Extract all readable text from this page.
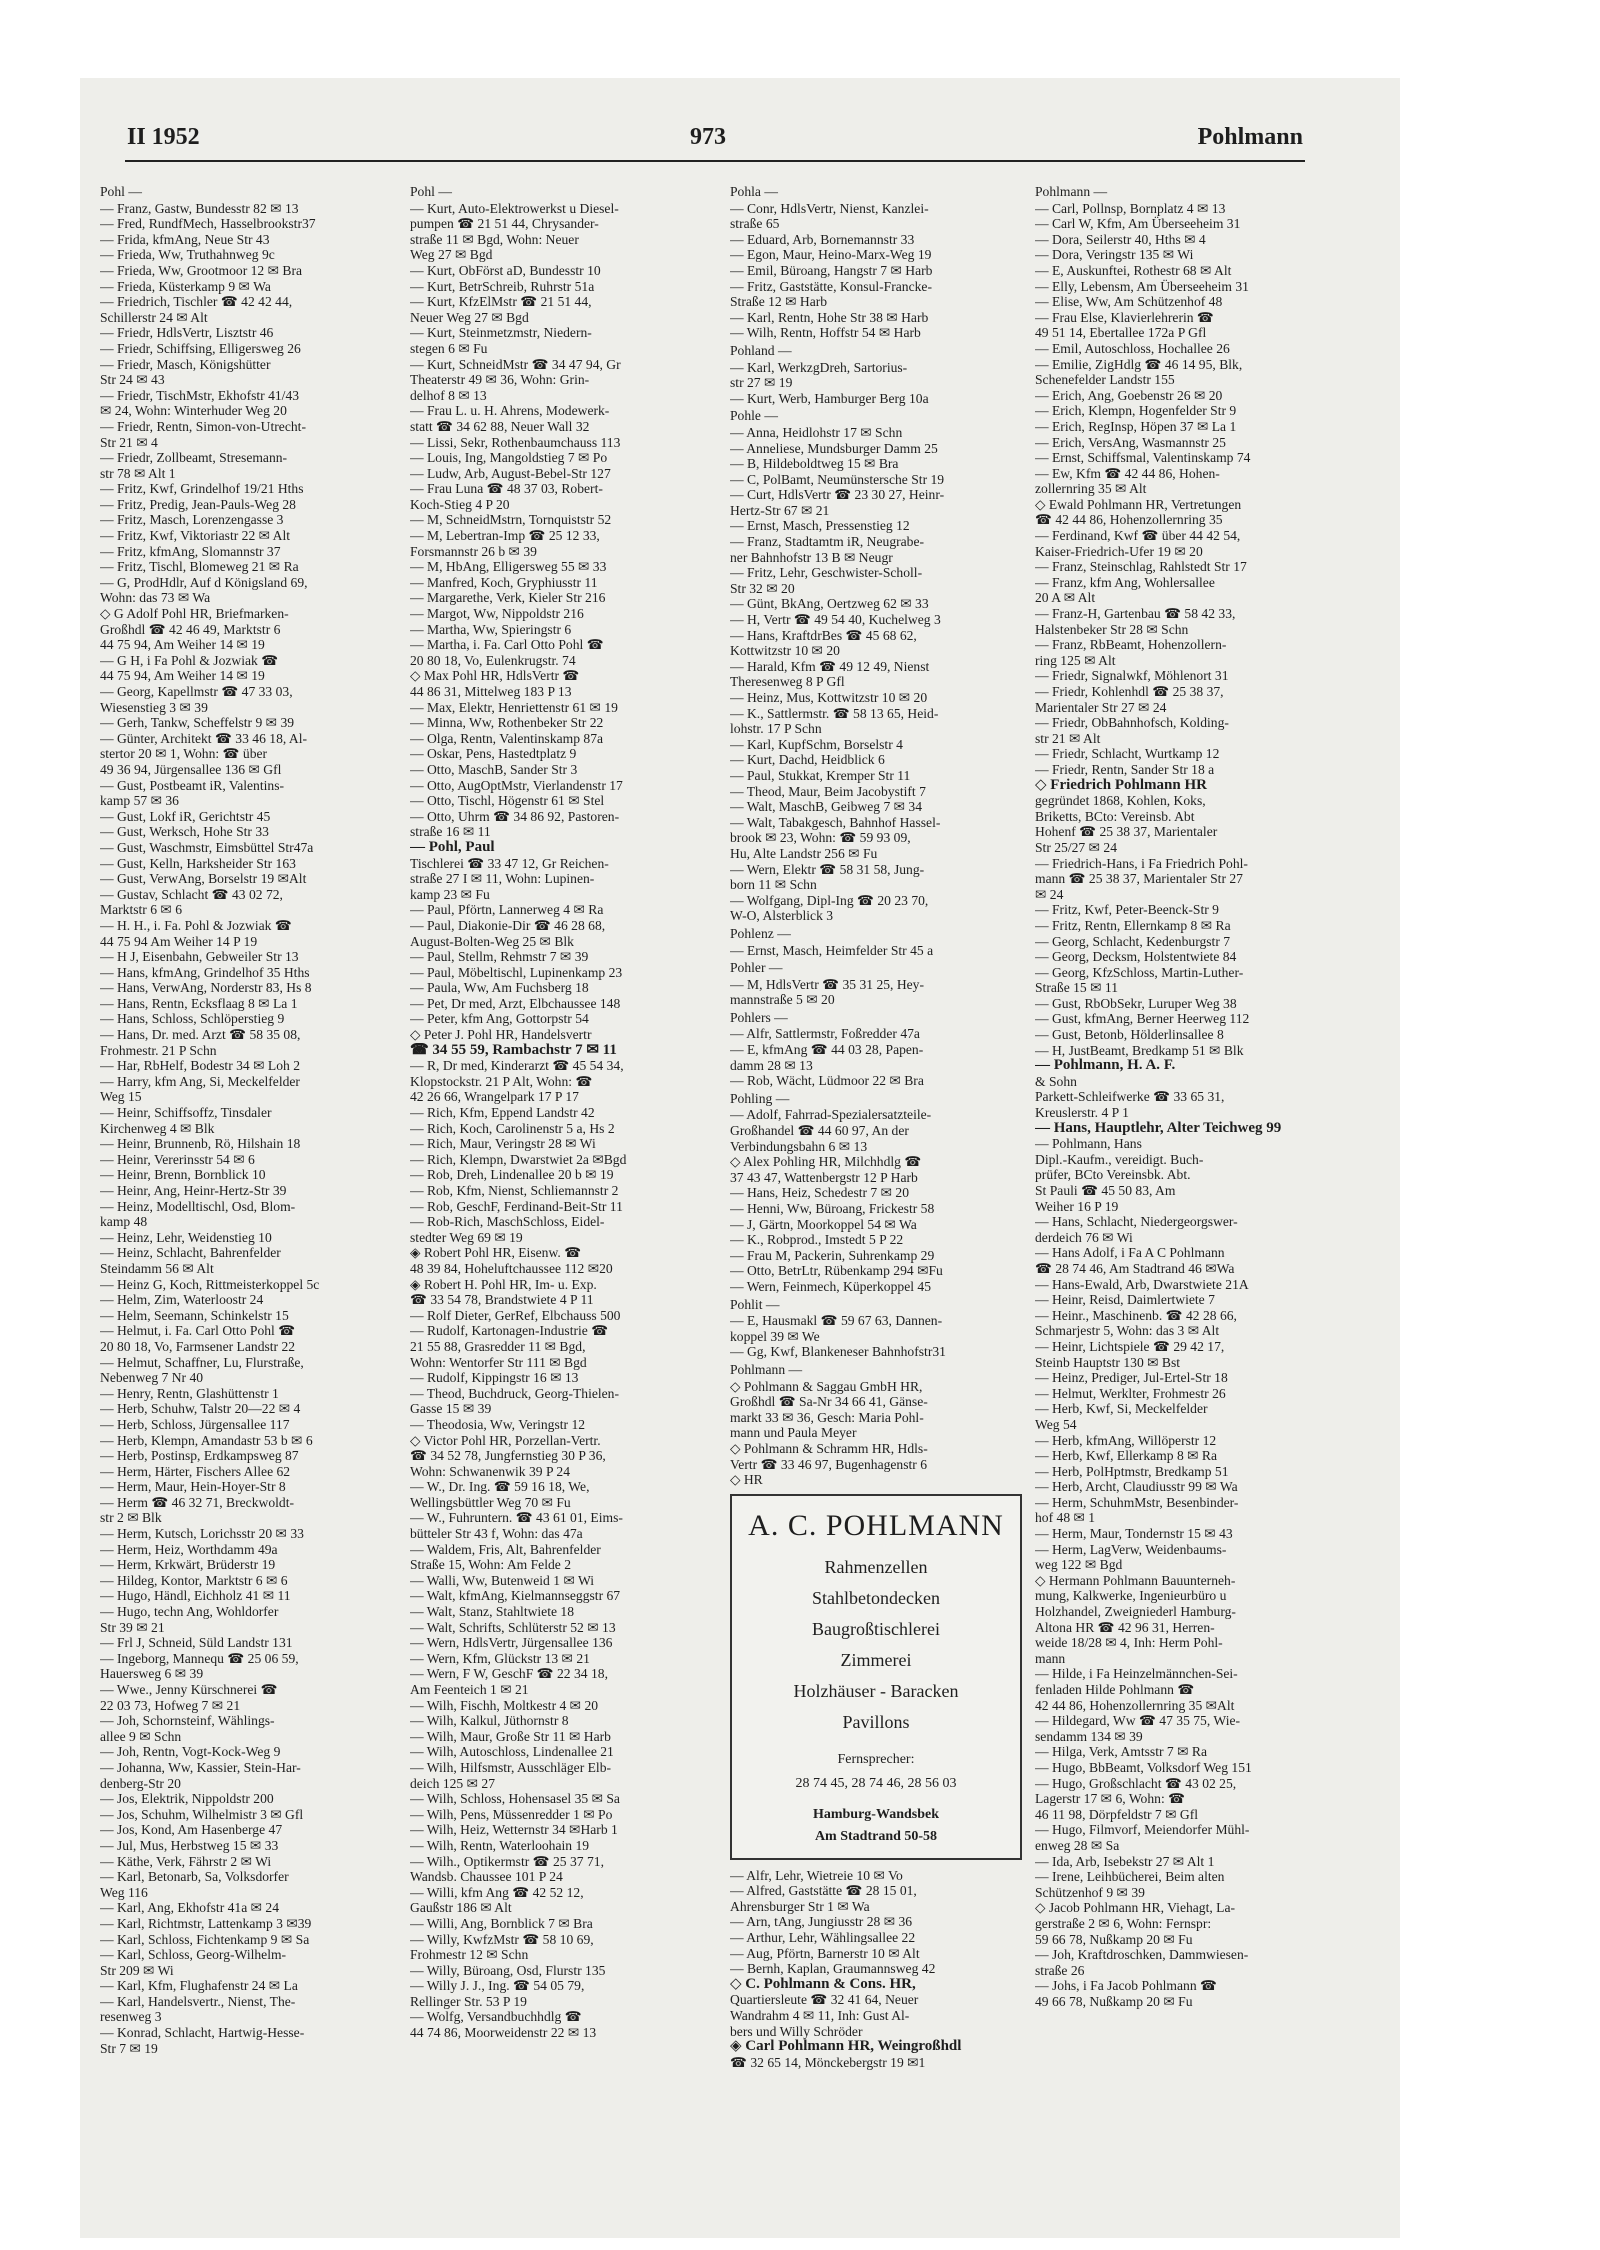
II 1952	973	Pohlmann

Pohl —

— Franz, Gastw, Bundesstr 82 ✉ 13

— Fred, RundfMech, Hasselbrookstr37

— Frida, kfmAng, Neue Str 43

— Frieda, Ww, Truthahnweg 9c

— Frieda, Ww, Grootmoor 12 ✉ Bra

— Frieda, Küsterkamp 9 ✉ Wa

— Friedrich, Tischler ☎ 42 42 44,

Schillerstr 24 ✉ Alt

— Friedr, HdlsVertr, Lisztstr 46

— Friedr, Schiffsing, Elligersweg 26

— Friedr, Masch, Königshütter

Str 24 ✉ 43

— Friedr, TischMstr, Ekhofstr 41/43

✉ 24, Wohn: Winterhuder Weg 20

— Friedr, Rentn, Simon-von-Utrecht-

Str 21 ✉ 4

— Friedr, Zollbeamt, Stresemann-

str 78 ✉ Alt 1

— Fritz, Kwf, Grindelhof 19/21 Hths

— Fritz, Predig, Jean-Pauls-Weg 28

— Fritz, Masch, Lorenzengasse 3

— Fritz, Kwf, Viktoriastr 22 ✉ Alt

— Fritz, kfmAng, Slomannstr 37

— Fritz, Tischl, Blomeweg 21 ✉ Ra

— G, ProdHdlr, Auf d Königsland 69,

Wohn: das 73 ✉ Wa

◇ G Adolf Pohl HR, Briefmarken-

Großhdl ☎ 42 46 49, Marktstr 6

44 75 94, Am Weiher 14 ✉ 19

— G H, i Fa Pohl & Jozwiak ☎

44 75 94, Am Weiher 14 ✉ 19

— Georg, Kapellmstr ☎ 47 33 03,

Wiesenstieg 3 ✉ 39

— Gerh, Tankw, Scheffelstr 9 ✉ 39

— Günter, Architekt ☎ 33 46 18, Al-

stertor 20 ✉ 1, Wohn: ☎ über

49 36 94, Jürgensallee 136 ✉ Gfl

— Gust, Postbeamt iR, Valentins-

kamp 57 ✉ 36

— Gust, Lokf iR, Gerichtstr 45

— Gust, Werksch, Hohe Str 33

— Gust, Waschmstr, Eimsbüttel Str47a

— Gust, Kelln, Harksheider Str 163

— Gust, VerwAng, Borselstr 19 ✉Alt

— Gustav, Schlacht ☎ 43 02 72,

Marktstr 6 ✉ 6

— H. H., i. Fa. Pohl & Jozwiak ☎

44 75 94 Am Weiher 14 P 19

— H J, Eisenbahn, Gebweiler Str 13

— Hans, kfmAng, Grindelhof 35 Hths

— Hans, VerwAng, Norderstr 83, Hs 8

— Hans, Rentn, Ecksflaag 8 ✉ La 1

— Hans, Schloss, Schlöperstieg 9

— Hans, Dr. med. Arzt ☎ 58 35 08,

Frohmestr. 21 P Schn

— Har, RbHelf, Bodestr 34 ✉ Loh 2

— Harry, kfm Ang, Si, Meckelfelder

Weg 15

— Heinr, Schiffsoffz, Tinsdaler

Kirchenweg 4 ✉ Blk

— Heinr, Brunnenb, Rö, Hilshain 18

— Heinr, Vererinsstr 54 ✉ 6

— Heinr, Brenn, Bornblick 10

— Heinr, Ang, Heinr-Hertz-Str 39

— Heinz, Modelltischl, Osd, Blom-

kamp 48

— Heinz, Lehr, Weidenstieg 10

— Heinz, Schlacht, Bahrenfelder

Steindamm 56 ✉ Alt

— Heinz G, Koch, Rittmeisterkoppel 5c

— Helm, Zim, Waterloostr 24

— Helm, Seemann, Schinkelstr 15

— Helmut, i. Fa. Carl Otto Pohl ☎

20 80 18, Vo, Farmsener Landstr 22

— Helmut, Schaffner, Lu, Flurstraße,

Nebenweg 7 Nr 40

— Henry, Rentn, Glashüttenstr 1

— Herb, Schuhw, Talstr 20—22 ✉ 4

— Herb, Schloss, Jürgensallee 117

— Herb, Klempn, Amandastr 53 b ✉ 6

— Herb, Postinsp, Erdkampsweg 87

— Herm, Härter, Fischers Allee 62

— Herm, Maur, Hein-Hoyer-Str 8

— Herm ☎ 46 32 71, Breckwoldt-

str 2 ✉ Blk

— Herm, Kutsch, Lorichsstr 20 ✉ 33

— Herm, Heiz, Worthdamm 49a

— Herm, Krkwärt, Brüderstr 19

— Hildeg, Kontor, Marktstr 6 ✉ 6

— Hugo, Händl, Eichholz 41 ✉ 11

— Hugo, techn Ang, Wohldorfer

Str 39 ✉ 21

— Frl J, Schneid, Süld Landstr 131

— Ingeborg, Mannequ ☎ 25 06 59,

Hauersweg 6 ✉ 39

— Wwe., Jenny Kürschnerei ☎

22 03 73, Hofweg 7 ✉ 21

— Joh, Schornsteinf, Wählings-

allee 9 ✉ Schn

— Joh, Rentn, Vogt-Kock-Weg 9

— Johanna, Ww, Kassier, Stein-Har-

denberg-Str 20

— Jos, Elektrik, Nippoldstr 200

— Jos, Schuhm, Wilhelmistr 3 ✉ Gfl

— Jos, Kond, Am Hasenberge 47

— Jul, Mus, Herbstweg 15 ✉ 33

— Käthe, Verk, Fährstr 2 ✉ Wi

— Karl, Betonarb, Sa, Volksdorfer

Weg 116

— Karl, Ang, Ekhofstr 41a ✉ 24

— Karl, Richtmstr, Lattenkamp 3 ✉39

— Karl, Schloss, Fichtenkamp 9 ✉ Sa

— Karl, Schloss, Georg-Wilhelm-

Str 209 ✉ Wi

— Karl, Kfm, Flughafenstr 24 ✉ La

— Karl, Handelsvertr., Nienst, The-

resenweg 3

— Konrad, Schlacht, Hartwig-Hesse-

Str 7 ✉ 19

Pohl —

— Kurt, Auto-Elektrowerkst u Diesel-

pumpen ☎ 21 51 44, Chrysander-

straße 11 ✉ Bgd, Wohn: Neuer

Weg 27 ✉ Bgd

— Kurt, ObFörst aD, Bundesstr 10

— Kurt, BetrSchreib, Ruhrstr 51a

— Kurt, KfzElMstr ☎ 21 51 44,

Neuer Weg 27 ✉ Bgd

— Kurt, Steinmetzmstr, Niedern-

stegen 6 ✉ Fu

— Kurt, SchneidMstr ☎ 34 47 94, Gr

Theaterstr 49 ✉ 36, Wohn: Grin-

delhof 8 ✉ 13

— Frau L. u. H. Ahrens, Modewerk-

statt ☎ 34 62 88, Neuer Wall 32

— Lissi, Sekr, Rothenbaumchauss 113

— Louis, Ing, Mangoldstieg 7 ✉ Po

— Ludw, Arb, August-Bebel-Str 127

— Frau Luna ☎ 48 37 03, Robert-

Koch-Stieg 4 P 20

— M, SchneidMstrn, Tornquiststr 52

— M, Lebertran-Imp ☎ 25 12 33,

Forsmannstr 26 b ✉ 39

— M, HbAng, Elligersweg 55 ✉ 33

— Manfred, Koch, Gryphiusstr 11

— Margarethe, Verk, Kieler Str 216

— Margot, Ww, Nippoldstr 216

— Martha, Ww, Spieringstr 6

— Martha, i. Fa. Carl Otto Pohl ☎

20 80 18, Vo, Eulenkrugstr. 74

◇ Max Pohl HR, HdlsVertr ☎

44 86 31, Mittelweg 183 P 13

— Max, Elektr, Henriettenstr 61 ✉ 19

— Minna, Ww, Rothenbeker Str 22

— Olga, Rentn, Valentinskamp 87a

— Oskar, Pens, Hastedtplatz 9

— Otto, MaschB, Sander Str 3

— Otto, AugOptMstr, Vierlandenstr 17

— Otto, Tischl, Högenstr 61 ✉ Stel

— Otto, Uhrm ☎ 34 86 92, Pastoren-

straße 16 ✉ 11

— Pohl, Paul

Tischlerei ☎ 33 47 12, Gr Reichen-

straße 27 I ✉ 11, Wohn: Lupinen-

kamp 23 ✉ Fu

— Paul, Pförtn, Lannerweg 4 ✉ Ra

— Paul, Diakonie-Dir ☎ 46 28 68,

August-Bolten-Weg 25 ✉ Blk

— Paul, Stellm, Rehmstr 7 ✉ 39

— Paul, Möbeltischl, Lupinenkamp 23

— Paula, Ww, Am Fuchsberg 18

— Pet, Dr med, Arzt, Elbchaussee 148

— Peter, kfm Ang, Gottorpstr 54

◇ Peter J. Pohl HR, Handelsvertr

☎ 34 55 59, Rambachstr 7 ✉ 11

— R, Dr med, Kinderarzt ☎ 45 54 34,

Klopstockstr. 21 P Alt, Wohn: ☎

42 26 66, Wrangelpark 17 P 17

— Rich, Kfm, Eppend Landstr 42

— Rich, Koch, Carolinenstr 5 a, Hs 2

— Rich, Maur, Veringstr 28 ✉ Wi

— Rich, Klempn, Dwarstwiet 2a ✉Bgd

— Rob, Dreh, Lindenallee 20 b ✉ 19

— Rob, Kfm, Nienst, Schliemannstr 2

— Rob, GeschF, Ferdinand-Beit-Str 11

— Rob-Rich, MaschSchloss, Eidel-

stedter Weg 69 ✉ 19

◈ Robert Pohl HR, Eisenw. ☎

48 39 84, Hoheluftchaussee 112 ✉20

◈ Robert H. Pohl HR, Im- u. Exp.

☎ 33 54 78, Brandstwiete 4 P 11

— Rolf Dieter, GerRef, Elbchauss 500

— Rudolf, Kartonagen-Industrie ☎

21 55 88, Grasredder 11 ✉ Bgd,

Wohn: Wentorfer Str 111 ✉ Bgd

— Rudolf, Kippingstr 16 ✉ 13

— Theod, Buchdruck, Georg-Thielen-

Gasse 15 ✉ 39

— Theodosia, Ww, Veringstr 12

◇ Victor Pohl HR, Porzellan-Vertr.

☎ 34 52 78, Jungfernstieg 30 P 36,

Wohn: Schwanenwik 39 P 24

— W., Dr. Ing. ☎ 59 16 18, We,

Wellingsbüttler Weg 70 ✉ Fu

— W., Fuhruntern. ☎ 43 61 01, Eims-

bütteler Str 43 f, Wohn: das 47a

— Waldem, Fris, Alt, Bahrenfelder

Straße 15, Wohn: Am Felde 2

— Walli, Ww, Butenweid 1 ✉ Wi

— Walt, kfmAng, Kielmannseggstr 67

— Walt, Stanz, Stahltwiete 18

— Walt, Schrifts, Schlüterstr 52 ✉ 13

— Wern, HdlsVertr, Jürgensallee 136

— Wern, Kfm, Glückstr 13 ✉ 21

— Wern, F W, GeschF ☎ 22 34 18,

Am Feenteich 1 ✉ 21

— Wilh, Fischh, Moltkestr 4 ✉ 20

— Wilh, Kalkul, Jüthornstr 8

— Wilh, Maur, Große Str 11 ✉ Harb

— Wilh, Autoschloss, Lindenallee 21

— Wilh, Hilfsmstr, Ausschläger Elb-

deich 125 ✉ 27

— Wilh, Schloss, Hohensasel 35 ✉ Sa

— Wilh, Pens, Müssenredder 1 ✉ Po

— Wilh, Heiz, Wetternstr 34 ✉Harb 1

— Wilh, Rentn, Waterloohain 19

— Wilh., Optikermstr ☎ 25 37 71,

Wandsb. Chaussee 101 P 24

— Willi, kfm Ang ☎ 42 52 12,

Gaußstr 186 ✉ Alt

— Willi, Ang, Bornblick 7 ✉ Bra

— Willy, KwfzMstr ☎ 58 10 69,

Frohmestr 12 ✉ Schn

— Willy, Büroang, Osd, Flurstr 135

— Willy J. J., Ing. ☎ 54 05 79,

Rellinger Str. 53 P 19

— Wolfg, Versandbuchhdlg ☎

44 74 86, Moorweidenstr 22 ✉ 13

Pohla —

— Conr, HdlsVertr, Nienst, Kanzlei-

straße 65

— Eduard, Arb, Bornemannstr 33

— Egon, Maur, Heino-Marx-Weg 19

— Emil, Büroang, Hangstr 7 ✉ Harb

— Fritz, Gaststätte, Konsul-Francke-

Straße 12 ✉ Harb

— Karl, Rentn, Hohe Str 38 ✉ Harb

— Wilh, Rentn, Hoffstr 54 ✉ Harb

Pohland —

— Karl, WerkzgDreh, Sartorius-

str 27 ✉ 19

— Kurt, Werb, Hamburger Berg 10a

Pohle —

— Anna, Heidlohstr 17 ✉ Schn

— Anneliese, Mundsburger Damm 25

— B, Hildeboldtweg 15 ✉ Bra

— C, PolBamt, Neumünstersche Str 19

— Curt, HdlsVertr ☎ 23 30 27, Heinr-

Hertz-Str 67 ✉ 21

— Ernst, Masch, Pressenstieg 12

— Franz, Stadtamtm iR, Neugrabe-

ner Bahnhofstr 13 B ✉ Neugr

— Fritz, Lehr, Geschwister-Scholl-

Str 32 ✉ 20

— Günt, BkAng, Oertzweg 62 ✉ 33

— H, Vertr ☎ 49 54 40, Kuchelweg 3

— Hans, KraftdrBes ☎ 45 68 62,

Kottwitzstr 10 ✉ 20

— Harald, Kfm ☎ 49 12 49, Nienst

Theresenweg 8 P Gfl

— Heinz, Mus, Kottwitzstr 10 ✉ 20

— K., Sattlermstr. ☎ 58 13 65, Heid-

lohstr. 17 P Schn

— Karl, KupfSchm, Borselstr 4

— Kurt, Dachd, Heidblick 6

— Paul, Stukkat, Kremper Str 11

— Theod, Maur, Beim Jacobystift 7

— Walt, MaschB, Geibweg 7 ✉ 34

— Walt, Tabakgesch, Bahnhof Hassel-

brook ✉ 23, Wohn: ☎ 59 93 09,

Hu, Alte Landstr 256 ✉ Fu

— Wern, Elektr ☎ 58 31 58, Jung-

born 11 ✉ Schn

— Wolfgang, Dipl-Ing ☎ 20 23 70,

W-O, Alsterblick 3

Pohlenz —

— Ernst, Masch, Heimfelder Str 45 a

Pohler —

— M, HdlsVertr ☎ 35 31 25, Hey-

mannstraße 5 ✉ 20

Pohlers —

— Alfr, Sattlermstr, Foßredder 47a

— E, kfmAng ☎ 44 03 28, Papen-

damm 28 ✉ 13

— Rob, Wächt, Lüdmoor 22 ✉ Bra

Pohling —

— Adolf, Fahrrad-Spezialersatzteile-

Großhandel ☎ 44 60 97, An der

Verbindungsbahn 6 ✉ 13

◇ Alex Pohling HR, Milchhdlg ☎

37 43 47, Wattenbergstr 12 P Harb

— Hans, Heiz, Schedestr 7 ✉ 20

— Henni, Ww, Büroang, Frickestr 58

— J, Gärtn, Moorkoppel 54 ✉ Wa

— K., Robprod., Imstedt 5 P 22

— Frau M, Packerin, Suhrenkamp 29

— Otto, BetrLtr, Rübenkamp 294 ✉Fu

— Wern, Feinmech, Küperkoppel 45

Pohlit —

— E, Hausmakl ☎ 59 67 63, Dannen-

koppel 39 ✉ We

— Gg, Kwf, Blankeneser Bahnhofstr31

Pohlmann —

◇ Pohlmann & Saggau GmbH HR,

Großhdl ☎ Sa-Nr 34 66 41, Gänse-

markt 33 ✉ 36, Gesch: Maria Pohl-

mann und Paula Meyer

◇ Pohlmann & Schramm HR, Hdls-

Vertr ☎ 33 46 97, Bugenhagenstr 6

◇ HR

A. C. POHLMANN
Rahmenzellen
Stahlbetondecken
Baugroßtischlerei
Zimmerei
Holzhäuser - Baracken
Pavillons
Fernsprecher:
28 74 45, 28 74 46, 28 56 03
Hamburg-Wandsbek
Am Stadtrand 50-58

— Alfr, Lehr, Wietreie 10 ✉ Vo

— Alfred, Gaststätte ☎ 28 15 01,

Ahrensburger Str 1 ✉ Wa

— Arn, tAng, Jungiusstr 28 ✉ 36

— Arthur, Lehr, Wählingsallee 22

— Aug, Pförtn, Barnerstr 10 ✉ Alt

— Bernh, Kaplan, Graumannsweg 42

◇ C. Pohlmann & Cons. HR,

Quartiersleute ☎ 32 41 64, Neuer

Wandrahm 4 ✉ 11, Inh: Gust Al-

bers und Willy Schröder

◈ Carl Pohlmann HR, Weingroßhdl

☎ 32 65 14, Mönckebergstr 19 ✉1

Pohlmann —

— Carl, Pollnsp, Bornplatz 4 ✉ 13

— Carl W, Kfm, Am Überseeheim 31

— Dora, Seilerstr 40, Hths ✉ 4

— Dora, Veringstr 135 ✉ Wi

— E, Auskunftei, Rothestr 68 ✉ Alt

— Elly, Lebensm, Am Überseeheim 31

— Elise, Ww, Am Schützenhof 48

— Frau Else, Klavierlehrerin ☎

49 51 14, Ebertallee 172a P Gfl

— Emil, Autoschloss, Hochallee 26

— Emilie, ZigHdlg ☎ 46 14 95, Blk,

Schenefelder Landstr 155

— Erich, Ang, Goebenstr 26 ✉ 20

— Erich, Klempn, Hogenfelder Str 9

— Erich, RegInsp, Höpen 37 ✉ La 1

— Erich, VersAng, Wasmannstr 25

— Ernst, Schiffsmal, Valentinskamp 74

— Ew, Kfm ☎ 42 44 86, Hohen-

zollernring 35 ✉ Alt

◇ Ewald Pohlmann HR, Vertretungen

☎ 42 44 86, Hohenzollernring 35

— Ferdinand, Kwf ☎ über 44 42 54,

Kaiser-Friedrich-Ufer 19 ✉ 20

— Franz, Steinschlag, Rahlstedt Str 17

— Franz, kfm Ang, Wohlersallee

20 A ✉ Alt

— Franz-H, Gartenbau ☎ 58 42 33,

Halstenbeker Str 28 ✉ Schn

— Franz, RbBeamt, Hohenzollern-

ring 125 ✉ Alt

— Friedr, Signalwkf, Möhlenort 31

— Friedr, Kohlenhdl ☎ 25 38 37,

Marientaler Str 27 ✉ 24

— Friedr, ObBahnhofsch, Kolding-

str 21 ✉ Alt

— Friedr, Schlacht, Wurtkamp 12

— Friedr, Rentn, Sander Str 18 a

◇ Friedrich Pohlmann HR

gegründet 1868, Kohlen, Koks,

Briketts, BCto: Vereinsb. Abt

Hohenf ☎ 25 38 37, Marientaler

Str 25/27 ✉ 24

— Friedrich-Hans, i Fa Friedrich Pohl-

mann ☎ 25 38 37, Marientaler Str 27

✉ 24

— Fritz, Kwf, Peter-Beenck-Str 9

— Fritz, Rentn, Ellernkamp 8 ✉ Ra

— Georg, Schlacht, Kedenburgstr 7

— Georg, Decksm, Holstentwiete 84

— Georg, KfzSchloss, Martin-Luther-

Straße 15 ✉ 11

— Gust, RbObSekr, Luruper Weg 38

— Gust, kfmAng, Berner Heerweg 112

— Gust, Betonb, Hölderlinsallee 8

— H, JustBeamt, Bredkamp 51 ✉ Blk

— Pohlmann, H. A. F.

& Sohn

Parkett-Schleifwerke ☎ 33 65 31,

Kreuslerstr. 4 P 1

— Hans, Hauptlehr, Alter Teichweg 99

— Pohlmann, Hans

Dipl.-Kaufm., vereidigt. Buch-

prüfer, BCto Vereinsbk. Abt.

St Pauli ☎ 45 50 83, Am

Weiher 16 P 19

— Hans, Schlacht, Niedergeorgswer-

derdeich 76 ✉ Wi

— Hans Adolf, i Fa A C Pohlmann

☎ 28 74 46, Am Stadtrand 46 ✉Wa

— Hans-Ewald, Arb, Dwarstwiete 21A

— Heinr, Reisd, Daimlertwiete 7

— Heinr., Maschinenb. ☎ 42 28 66,

Schmarjestr 5, Wohn: das 3 ✉ Alt

— Heinr, Lichtspiele ☎ 29 42 17,

Steinb Hauptstr 130 ✉ Bst

— Heinz, Prediger, Jul-Ertel-Str 18

— Helmut, Werklter, Frohmestr 26

— Herb, Kwf, Si, Meckelfelder

Weg 54

— Herb, kfmAng, Willöperstr 12

— Herb, Kwf, Ellerkamp 8 ✉ Ra

— Herb, PolHptmstr, Bredkamp 51

— Herb, Archt, Claudiusstr 99 ✉ Wa

— Herm, SchuhmMstr, Besenbinder-

hof 48 ✉ 1

— Herm, Maur, Tondernstr 15 ✉ 43

— Herm, LagVerw, Weidenbaums-

weg 122 ✉ Bgd

◇ Hermann Pohlmann Bauunterneh-

mung, Kalkwerke, Ingenieurbüro u

Holzhandel, Zweigniederl Hamburg-

Altona HR ☎ 42 96 31, Herren-

weide 18/28 ✉ 4, Inh: Herm Pohl-

mann

— Hilde, i Fa Heinzelmännchen-Sei-

fenladen Hilde Pohlmann ☎

42 44 86, Hohenzollernring 35 ✉Alt

— Hildegard, Ww ☎ 47 35 75, Wie-

sendamm 134 ✉ 39

— Hilga, Verk, Amtsstr 7 ✉ Ra

— Hugo, BbBeamt, Volksdorf Weg 151

— Hugo, Großschlacht ☎ 43 02 25,

Lagerstr 17 ✉ 6, Wohn: ☎

46 11 98, Dörpfeldstr 7 ✉ Gfl

— Hugo, Filmvorf, Meiendorfer Mühl-

enweg 28 ✉ Sa

— Ida, Arb, Isebekstr 27 ✉ Alt 1

— Irene, Leihbücherei, Beim alten

Schützenhof 9 ✉ 39

◇ Jacob Pohlmann HR, Viehagt, La-

gerstraße 2 ✉ 6, Wohn: Fernspr:

59 66 78, Nußkamp 20 ✉ Fu

— Joh, Kraftdroschken, Dammwiesen-

straße 26

— Johs, i Fa Jacob Pohlmann ☎

49 66 78, Nußkamp 20 ✉ Fu
